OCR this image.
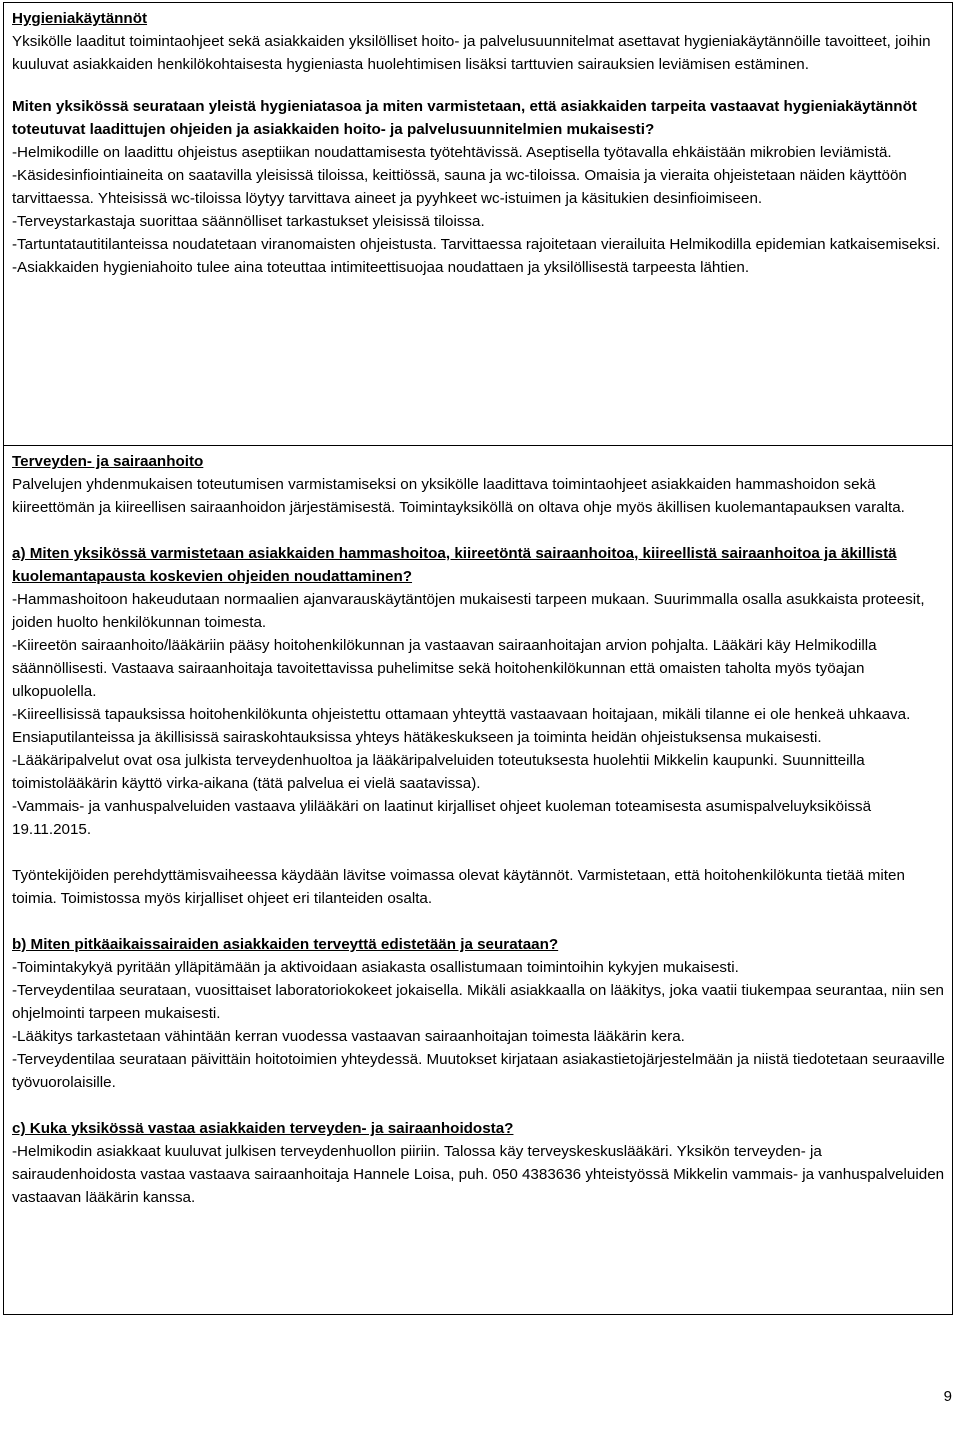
Hygieniakäytännöt

Yksikölle laaditut toimintaohjeet sekä asiakkaiden yksilölliset hoito- ja palvelusuunnitelmat asettavat hygieniakäytännöille tavoitteet, joihin kuuluvat asiakkaiden henkilökohtaisesta hygieniasta huolehtimisen lisäksi tarttuvien sairauksien leviämisen estäminen.

Miten yksikössä seurataan yleistä hygieniatasoa ja miten varmistetaan, että asiakkaiden tarpeita vastaavat hygieniakäytännöt toteutuvat laadittujen ohjeiden ja asiakkaiden hoito- ja palvelusuunnitelmien mukaisesti?

-Helmikodille on laadittu ohjeistus aseptiikan noudattamisesta työtehtävissä. Aseptisella työtavalla ehkäistään mikrobien leviämistä.

-Käsidesinfiointiaineita on saatavilla yleisissä tiloissa, keittiössä, sauna ja wc-tiloissa. Omaisia ja vieraita ohjeistetaan näiden käyttöön tarvittaessa. Yhteisissä wc-tiloissa löytyy tarvittava aineet ja pyyhkeet wc-istuimen ja käsitukien desinfioimiseen.

-Terveystarkastaja suorittaa säännölliset tarkastukset yleisissä tiloissa.

-Tartuntatautitilanteissa noudatetaan viranomaisten ohjeistusta. Tarvittaessa rajoitetaan vierailuita Helmikodilla epidemian katkaisemiseksi.

-Asiakkaiden hygieniahoito tulee aina toteuttaa intimiteettisuojaa noudattaen ja yksilöllisestä tarpeesta lähtien.

Terveyden- ja sairaanhoito

Palvelujen yhdenmukaisen toteutumisen varmistamiseksi on yksikölle laadittava toimintaohjeet asiakkaiden hammashoidon sekä kiireettömän ja kiireellisen sairaanhoidon järjestämisestä. Toimintayksiköllä on oltava ohje myös äkillisen kuolemantapauksen varalta.

a) Miten yksikössä varmistetaan asiakkaiden hammashoitoa, kiireetöntä sairaanhoitoa, kiireellistä sairaanhoitoa ja äkillistä kuolemantapausta koskevien ohjeiden noudattaminen?

-Hammashoitoon hakeudutaan normaalien ajanvarauskäytäntöjen mukaisesti tarpeen mukaan. Suurimmalla osalla asukkaista proteesit, joiden huolto henkilökunnan toimesta.

-Kiireetön sairaanhoito/lääkäriin pääsy hoitohenkilökunnan ja vastaavan sairaanhoitajan arvion pohjalta. Lääkäri käy Helmikodilla säännöllisesti. Vastaava sairaanhoitaja tavoitettavissa puhelimitse sekä hoitohenkilökunnan että omaisten taholta myös työajan ulkopuolella.

-Kiireellisissä tapauksissa hoitohenkilökunta ohjeistettu ottamaan yhteyttä vastaavaan hoitajaan, mikäli tilanne ei ole henkeä uhkaava. Ensiaputilanteissa ja äkillisissä sairaskohtauksissa yhteys hätäkeskukseen ja toiminta heidän ohjeistuksensa mukaisesti.

-Lääkäripalvelut ovat osa julkista terveydenhuoltoa ja lääkäripalveluiden toteutuksesta huolehtii Mikkelin kaupunki. Suunnitteilla toimistolääkärin käyttö virka-aikana (tätä palvelua ei vielä saatavissa).

-Vammais- ja vanhuspalveluiden vastaava ylilääkäri on laatinut kirjalliset ohjeet kuoleman toteamisesta asumispalveluyksiköissä 19.11.2015.

Työntekijöiden perehdyttämisvaiheessa käydään lävitse voimassa olevat käytännöt. Varmistetaan, että hoitohenkilökunta tietää miten toimia. Toimistossa myös kirjalliset ohjeet eri tilanteiden osalta.

b) Miten pitkäaikaissairaiden asiakkaiden terveyttä edistetään ja seurataan?

-Toimintakykyä pyritään ylläpitämään ja aktivoidaan asiakasta osallistumaan toimintoihin kykyjen mukaisesti.

-Terveydentilaa seurataan, vuosittaiset laboratoriokokeet jokaisella. Mikäli asiakkaalla on lääkitys, joka vaatii tiukempaa seurantaa, niin sen ohjelmointi tarpeen mukaisesti.

-Lääkitys tarkastetaan vähintään kerran vuodessa vastaavan sairaanhoitajan toimesta lääkärin kera.

-Terveydentilaa seurataan päivittäin hoitotoimien yhteydessä. Muutokset kirjataan asiakastietojärjestelmään ja niistä tiedotetaan seuraaville työvuorolaisille.

c) Kuka yksikössä vastaa asiakkaiden terveyden- ja sairaanhoidosta?

-Helmikodin asiakkaat kuuluvat julkisen terveydenhuollon piiriin. Talossa käy terveyskeskuslääkäri. Yksikön terveyden- ja sairaudenhoidosta vastaa vastaava sairaanhoitaja Hannele Loisa, puh. 050 4383636 yhteistyössä Mikkelin vammais- ja vanhuspalveluiden vastaavan lääkärin kanssa.

9
